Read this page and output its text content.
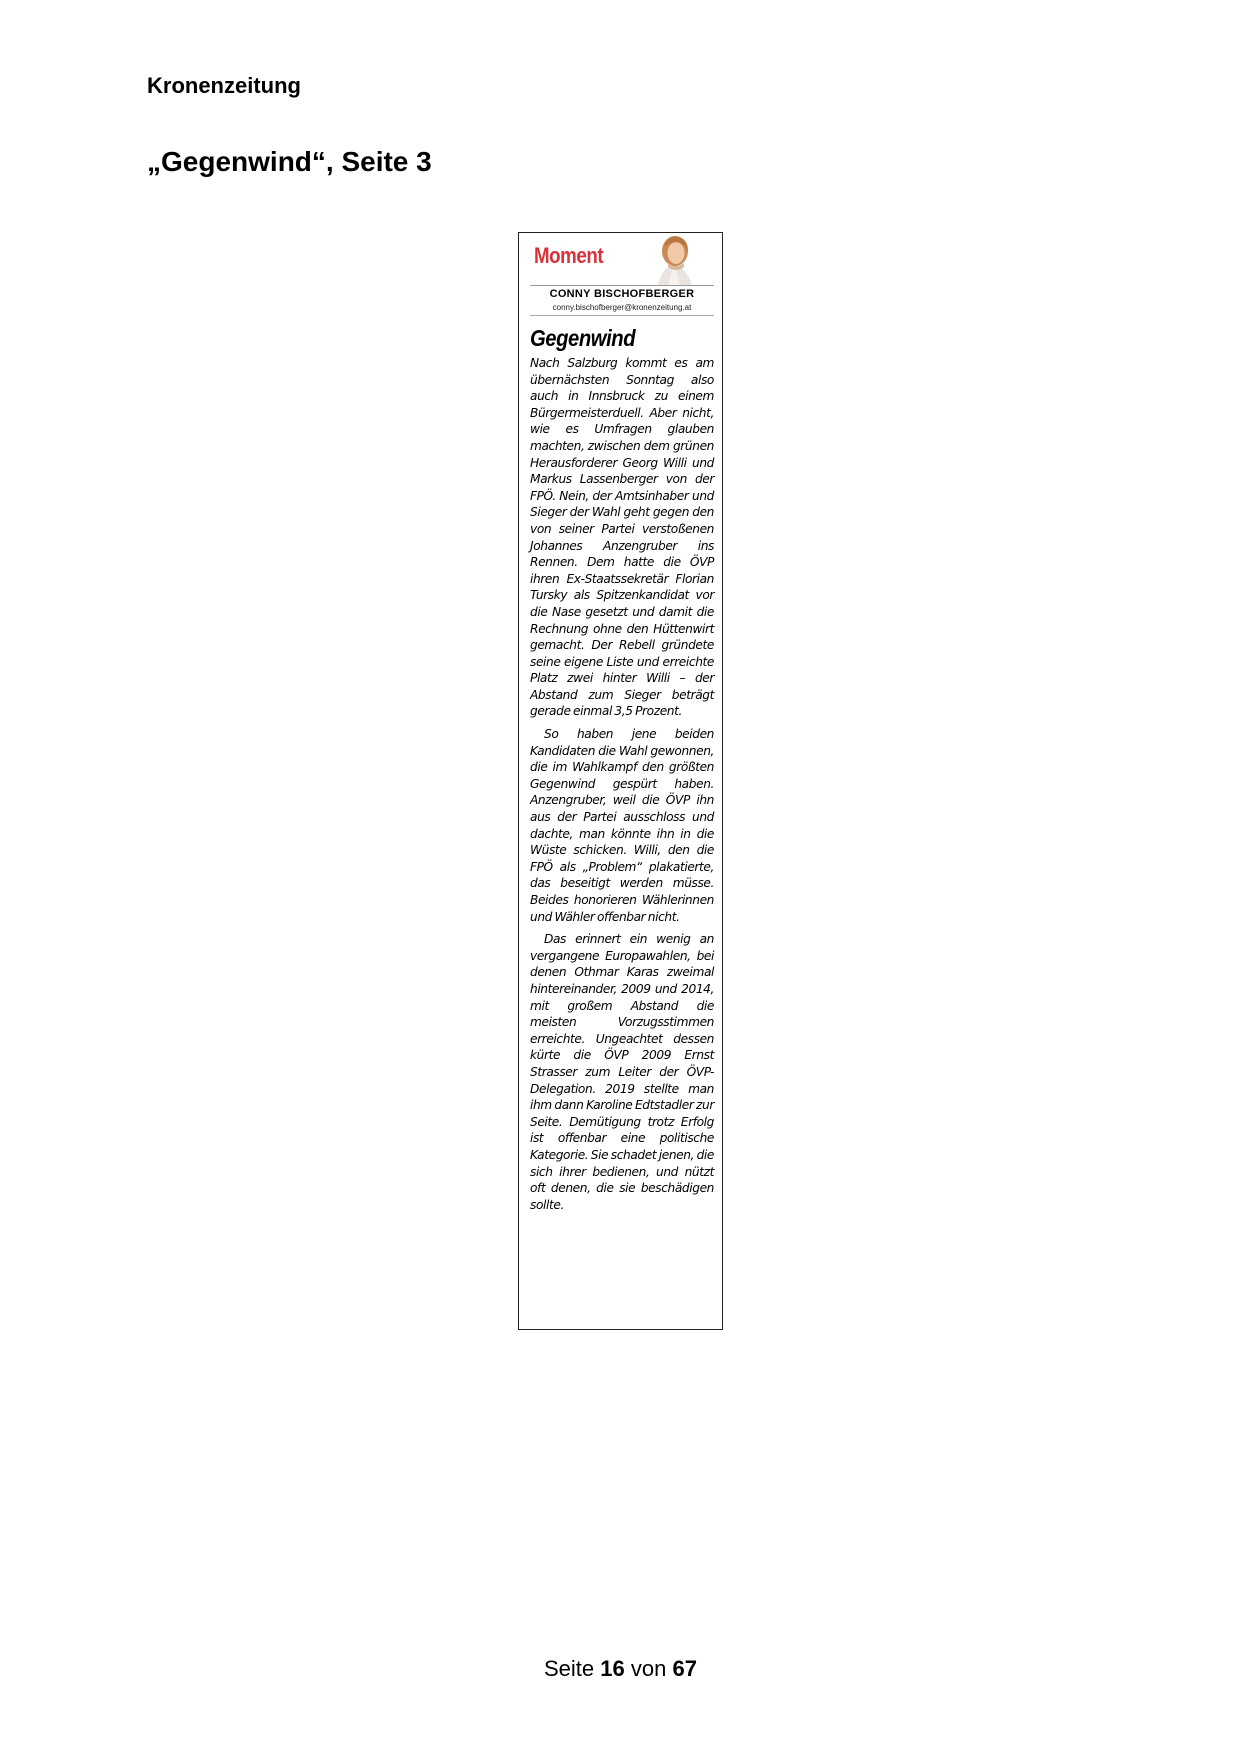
Kronenzeitung
„Gegenwind“, Seite 3
Moment
CONNY BISCHOFBERGER
conny.bischofberger@kronenzeitung.at
Gegenwind

Nach Salzburg kommt es am übernächsten Sonntag also auch in Innsbruck zu einem Bürgermeisterduell. Aber nicht, wie es Umfragen glauben machten, zwischen dem grünen Herausforderer Georg Willi und Markus Lassenberger von der FPÖ. Nein, der Amtsinhaber und Sieger der Wahl geht gegen den von seiner Partei verstoßenen Johannes Anzengruber ins Rennen. Dem hatte die ÖVP ihren Ex-Staatssekretär Florian Tursky als Spitzenkandidat vor die Nase gesetzt und damit die Rechnung ohne den Hüttenwirt gemacht. Der Rebell gründete seine eigene Liste und erreichte Platz zwei hinter Willi – der Abstand zum Sieger beträgt gerade einmal 3,5 Prozent.

So haben jene beiden Kandidaten die Wahl gewonnen, die im Wahlkampf den größten Gegenwind gespürt haben. Anzengruber, weil die ÖVP ihn aus der Partei ausschloss und dachte, man könnte ihn in die Wüste schicken. Willi, den die FPÖ als „Problem“ plakatierte, das beseitigt werden müsse. Beides honorieren Wählerinnen und Wähler offenbar nicht.

Das erinnert ein wenig an vergangene Europawahlen, bei denen Othmar Karas zweimal hintereinander, 2009 und 2014, mit großem Abstand die meisten Vorzugsstimmen erreichte. Ungeachtet dessen kürte die ÖVP 2009 Ernst Strasser zum Leiter der ÖVP-Delegation. 2019 stellte man ihm dann Karoline Edtstadler zur Seite. Demütigung trotz Erfolg ist offenbar eine politische Kategorie. Sie schadet jenen, die sich ihrer bedienen, und nützt oft denen, die sie beschädigen sollte.

Seite 16 von 67
